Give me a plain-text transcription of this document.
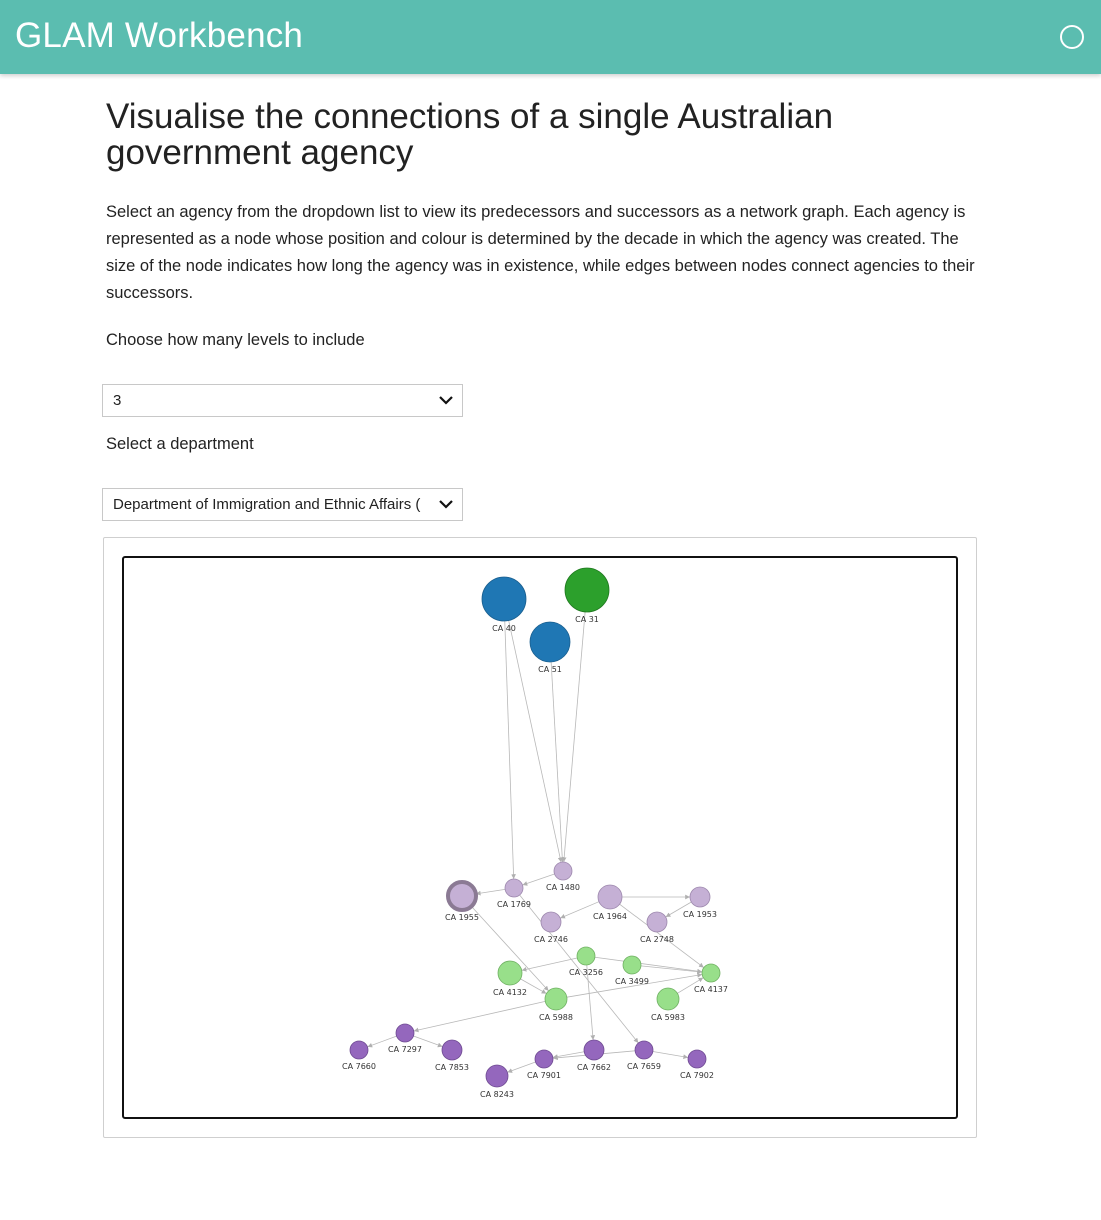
GLAM Workbench
Visualise the connections of a single Australian government agency

Select an agency from the dropdown list to view its predecessors and successors as a network graph. Each agency is represented as a node whose position and colour is determined by the decade in which the agency was created. The size of the node indicates how long the agency was in existence, while edges between nodes connect agencies to their successors.

Choose how many levels to include

3

Select a department

Department of Immigration and Ethnic Affairs (
CA 40
CA 31
CA 51
CA 1480
CA 1769
CA 1955	CA 1964	CA 1953
CA 2746	CA 2748
CA 3256
CA 3499
CA 4132	CA 4137
CA 5988	CA 5983
CA 7297
CA 7660	CA 7853
CA 7901
CA 7662 CA 7659
CA 7902
CA 8243
